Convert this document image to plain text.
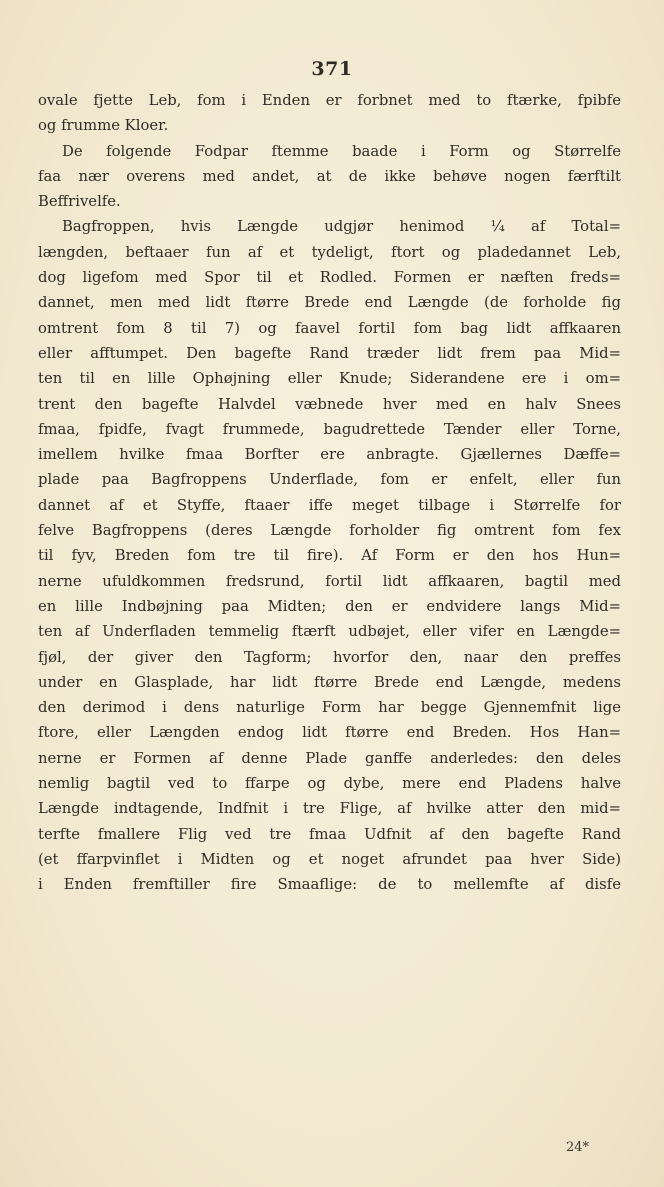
371
ovale fjette Leb, fom i Enden er forbnet med to ftærke, fpibfe
og frumme Kloer.
De folgende Fodpar ftemme baade i Form og Størrelfe
faa nær overens med andet, at de ikke behøve nogen færftilt
Beffrivelfe.
Bagfroppen, hvis Længde udgjør henimod ¼ af Total=
længden, beftaaer fun af et tydeligt, ftort og pladedannet Leb,
dog ligefom med Spor til et Rodled. Formen er næften freds=
dannet, men med lidt ftørre Brede end Længde (de forholde fig
omtrent fom 8 til 7) og faavel fortil fom bag lidt affkaaren
eller afftumpet. Den bagefte Rand træder lidt frem paa Mid=
ten til en lille Ophøjning eller Knude; Siderandene ere i om=
trent den bagefte Halvdel væbnede hver med en halv Snees
fmaa, fpidfe, fvagt frummede, bagudrettede Tænder eller Torne,
imellem hvilke fmaa Borfter ere anbragte. Gjællernes Dæffe=
plade paa Bagfroppens Underflade, fom er enfelt, eller fun
dannet af et Styffe, ftaaer iffe meget tilbage i Størrelfe for
felve Bagfroppens (deres Længde forholder fig omtrent fom fex
til fyv, Breden fom tre til fire). Af Form er den hos Hun=
nerne ufuldkommen fredsrund, fortil lidt affkaaren, bagtil med
en lille Indbøjning paa Midten; den er endvidere langs Mid=
ten af Underfladen temmelig ftærft udbøjet, eller vifer en Længde=
fjøl, der giver den Tagform; hvorfor den, naar den preffes
under en Glasplade, har lidt ftørre Brede end Længde, medens
den derimod i dens naturlige Form har begge Gjennemfnit lige
ftore, eller Længden endog lidt ftørre end Breden. Hos Han=
nerne er Formen af denne Plade ganffe anderledes: den deles
nemlig bagtil ved to ffarpe og dybe, mere end Pladens halve
Længde indtagende, Indfnit i tre Flige, af hvilke atter den mid=
terfte fmallere Flig ved tre fmaa Udfnit af den bagefte Rand
(et ffarpvinflet i Midten og et noget afrundet paa hver Side)
i Enden fremftiller fire Smaaflige: de to mellemfte af disfe
24*
